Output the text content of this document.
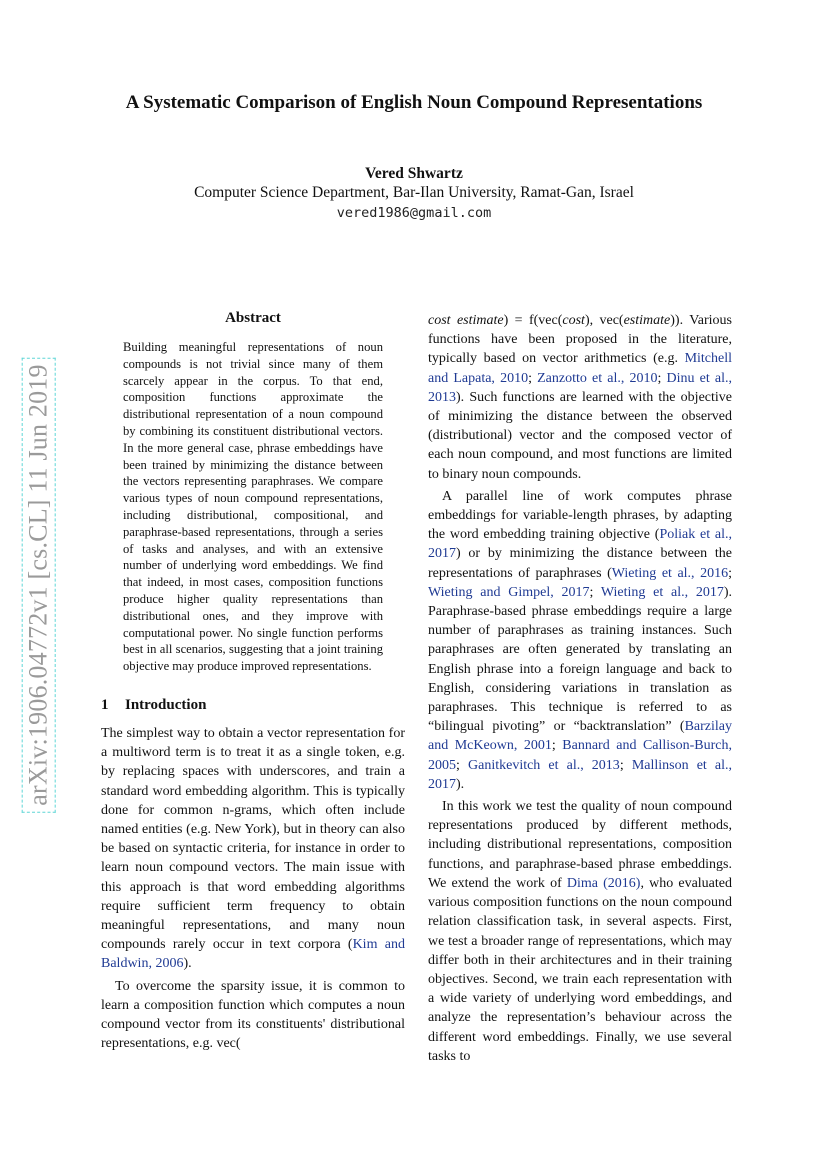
arXiv:1906.04772v1 [cs.CL] 11 Jun 2019
A Systematic Comparison of English Noun Compound Representations
Vered Shwartz
Computer Science Department, Bar-Ilan University, Ramat-Gan, Israel
vered1986@gmail.com
Abstract

Building meaningful representations of noun compounds is not trivial since many of them scarcely appear in the corpus. To that end, composition functions approximate the distributional representation of a noun compound by combining its constituent distributional vectors. In the more general case, phrase embeddings have been trained by minimizing the distance between the vectors representing paraphrases. We compare various types of noun compound representations, including distributional, compositional, and paraphrase-based representations, through a series of tasks and analyses, and with an extensive number of underlying word embeddings. We find that indeed, in most cases, composition functions produce higher quality representations than distributional ones, and they improve with computational power. No single function performs best in all scenarios, suggesting that a joint training objective may produce improved representations.

1 Introduction

The simplest way to obtain a vector representation for a multiword term is to treat it as a single token, e.g. by replacing spaces with underscores, and train a standard word embedding algorithm. This is typically done for common n-grams, which often include named entities (e.g. New York), but in theory can also be based on syntactic criteria, for instance in order to learn noun compound vectors. The main issue with this approach is that word embedding algorithms require sufficient term frequency to obtain meaningful representations, and many noun compounds rarely occur in text corpora (Kim and Baldwin, 2006).

To overcome the sparsity issue, it is common to learn a composition function which computes a noun compound vector from its constituents' distributional representations, e.g. vec(

cost estimate) = f(vec(cost), vec(estimate)). Various functions have been proposed in the literature, typically based on vector arithmetics (e.g. Mitchell and Lapata, 2010; Zanzotto et al., 2010; Dinu et al., 2013). Such functions are learned with the objective of minimizing the distance between the observed (distributional) vector and the composed vector of each noun compound, and most functions are limited to binary noun compounds.

A parallel line of work computes phrase embeddings for variable-length phrases, by adapting the word embedding training objective (Poliak et al., 2017) or by minimizing the distance between the representations of paraphrases (Wieting et al., 2016; Wieting and Gimpel, 2017; Wieting et al., 2017). Paraphrase-based phrase embeddings require a large number of paraphrases as training instances. Such paraphrases are often generated by translating an English phrase into a foreign language and back to English, considering variations in translation as paraphrases. This technique is referred to as “bilingual pivoting” or “backtranslation” (Barzilay and McKeown, 2001; Bannard and Callison-Burch, 2005; Ganitkevitch et al., 2013; Mallinson et al., 2017).

In this work we test the quality of noun compound representations produced by different methods, including distributional representations, composition functions, and paraphrase-based phrase embeddings. We extend the work of Dima (2016), who evaluated various composition functions on the noun compound relation classification task, in several aspects. First, we test a broader range of representations, which may differ both in their architectures and in their training objectives. Second, we train each representation with a wide variety of underlying word embeddings, and analyze the representation’s behaviour across the different word embeddings. Finally, we use several tasks to
